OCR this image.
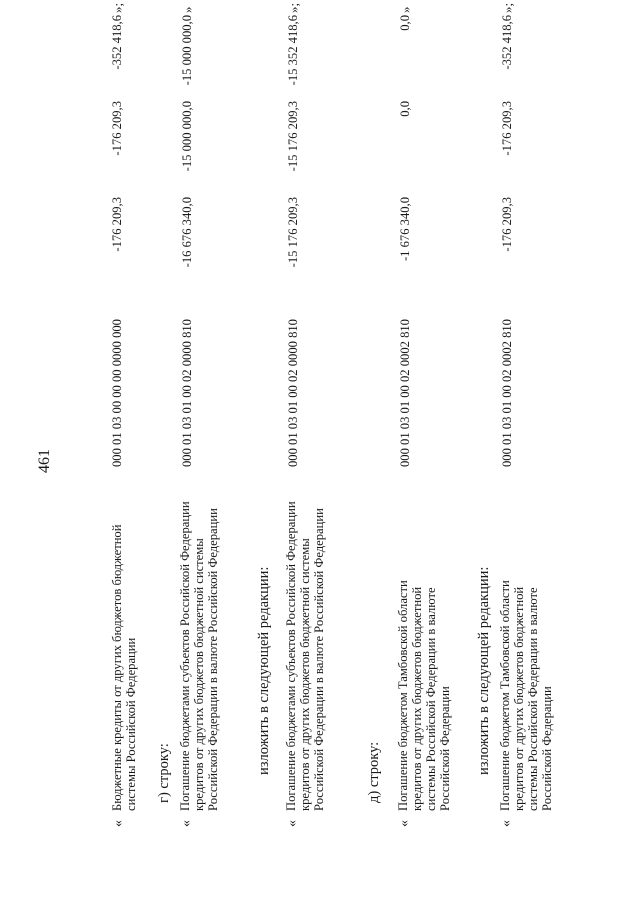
461
«
Бюджетные кредиты от других бюджетов бюджетной системы Российской Федерации
000 01 03 00 00 00 0000 000
-176 209,3
-176 209,3
-352 418,6
»;
г) строку:
«
Погашение бюджетами субъектов Российской Федерации кредитов от других бюджетов бюджетной системы Российской Федерации в валюте Российской Федерации
000 01 03 01 00 02 0000 810
-16 676 340,0
-15 000 000,0
-15 000 000,0
»
изложить в следующей редакции:
«
Погашение бюджетами субъектов Российской Федерации кредитов от других бюджетов бюджетной системы Российской Федерации в валюте Российской Федерации
000 01 03 01 00 02 0000 810
-15 176 209,3
-15 176 209,3
-15 352 418,6
»;
д) строку:
«
Погашение бюджетом Тамбовской области кредитов от других бюджетов бюджетной системы Российской Федерации в валюте Российской Федерации
000 01 03 01 00 02 0002 810
-1 676 340,0
0,0
0,0
»
изложить в следующей редакции:
«
Погашение бюджетом Тамбовской области кредитов от других бюджетов бюджетной системы Российской Федерации в валюте Российской Федерации
000 01 03 01 00 02 0002 810
-176 209,3
-176 209,3
-352 418,6
»;
